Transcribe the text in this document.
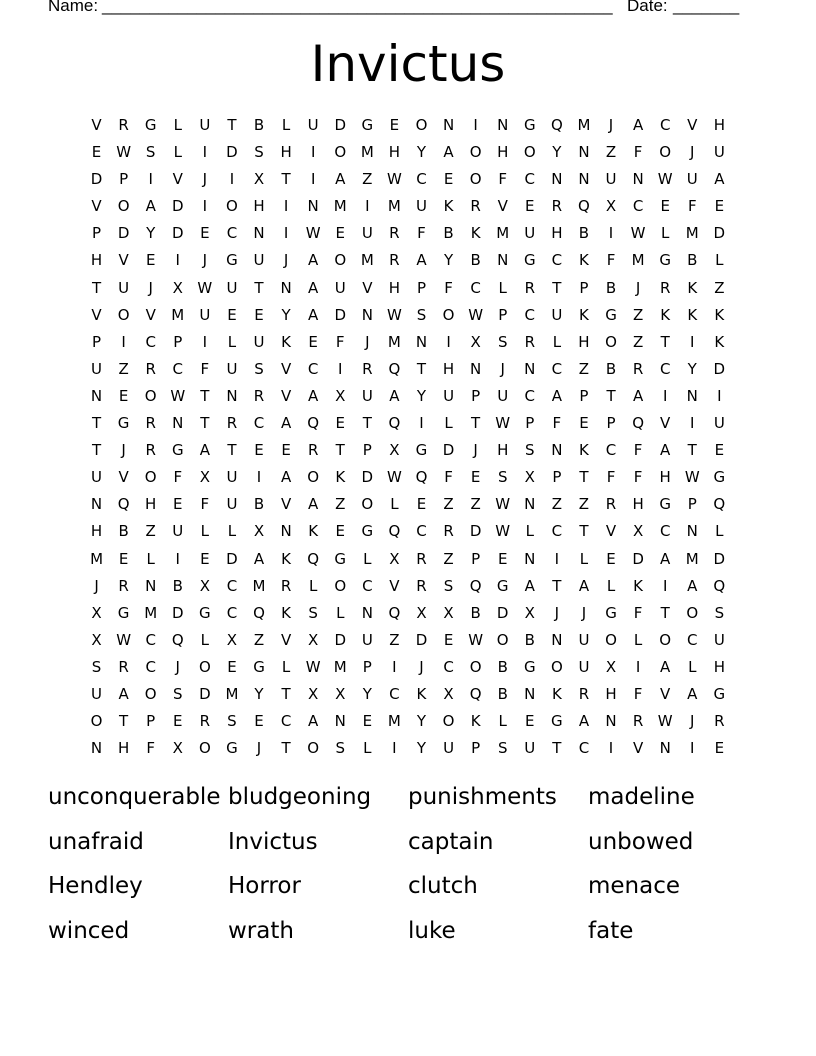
Name: ______________________________________________________ Date: _______
Invictus
V	R	G	L	U	T	B	L	U	D	G	E	O	N	I	N	G	Q M	J	A	C	V	H
E W S	L	I	D	S	H	I	O M H	Y	A	O	H	O	Y	N	Z	F	O	J	U
D	P	I	V	J	I	X	T	I	A	Z W C	E	O	F	C	N	N	U	N W U	A
V	O	A	D	I	O	H	I	N M	I	M	U	K	R	V	E	R	Q	X	C	E	F	E
P	D	Y	D	E	C	N	I	W E	U	R	F	B	K	M	U	H	B	I	W	L	M D
H	V	E	I	J	G	U	J	A	O M	R	A	Y	B	N	G	C	K	F	M G	B	L
T	U	J	X W U	T	N	A	U	V	H	P	F	C	L	R	T	P	B	J	R	K	Z
V	O	V	M	U	E	E	Y	A	D	N W S	O W	P	C	U	K	G	Z	K	K	K
P	I	C	P	I	L	U	K	E	F	J	M N	I	X	S	R	L	H	O	Z	T	I	K
U	Z	R	C	F	U	S	V	C	I	R	Q	T	H	N	J	N	C	Z	B	R	C	Y	D
N	E	O W	T	N	R	V	A	X	U	A	Y	U	P	U	C	A	P	T	A	I	N	I
T	G	R	N	T	R	C	A	Q	E	T	Q	I	L	T	W	P	F	E	P	Q	V	I	U
T	J	R	G	A	T	E	E	R	T	P	X	G	D	J	H	S	N	K	C	F	A	T	E
U	V	O	F	X	U	I	A	O	K	D W Q	F	E	S	X	P	T	F	F	H W G
N	Q	H	E	F	U	B	V	A	Z	O	L	E	Z	Z W N	Z	Z	R	H	G	P	Q
H	B	Z	U	L	L	X	N	K	E	G	Q	C	R	D W	L	C	T	V	X	C	N	L
M	E	L	I	E	D	A	K	Q	G	L	X	R	Z	P	E	N	I	L	E	D	A	M D
J	R	N	B	X	C	M	R	L	O	C	V	R	S	Q	G	A	T	A	L	K	I	A	Q
X	G M D	G	C	Q	K	S	L	N	Q	X	X	B	D	X	J	J	G	F	T	O	S
X W C	Q	L	X	Z	V	X	D	U	Z	D	E W O	B	N	U	O	L	O	C	U
S	R	C	J	O	E	G	L	W M	P	I	J	C	O	B	G	O	U	X	I	A	L	H
U	A	O	S	D M	Y	T	X	X	Y	C	K	X	Q	B	N	K	R	H	F	V	A	G
O	T	P	E	R	S	E	C	A	N	E	M	Y	O	K	L	E	G	A	N	R W	J	R
N	H	F	X	O	G	J	T	O	S	L	I	Y	U	P	S	U	T	C	I	V	N	I	E
unconquerable bludgeoning	punishments	madeline
unafraid	Invictus	captain	unbowed
Hendley	Horror	clutch	menace
winced	wrath	luke	fate
